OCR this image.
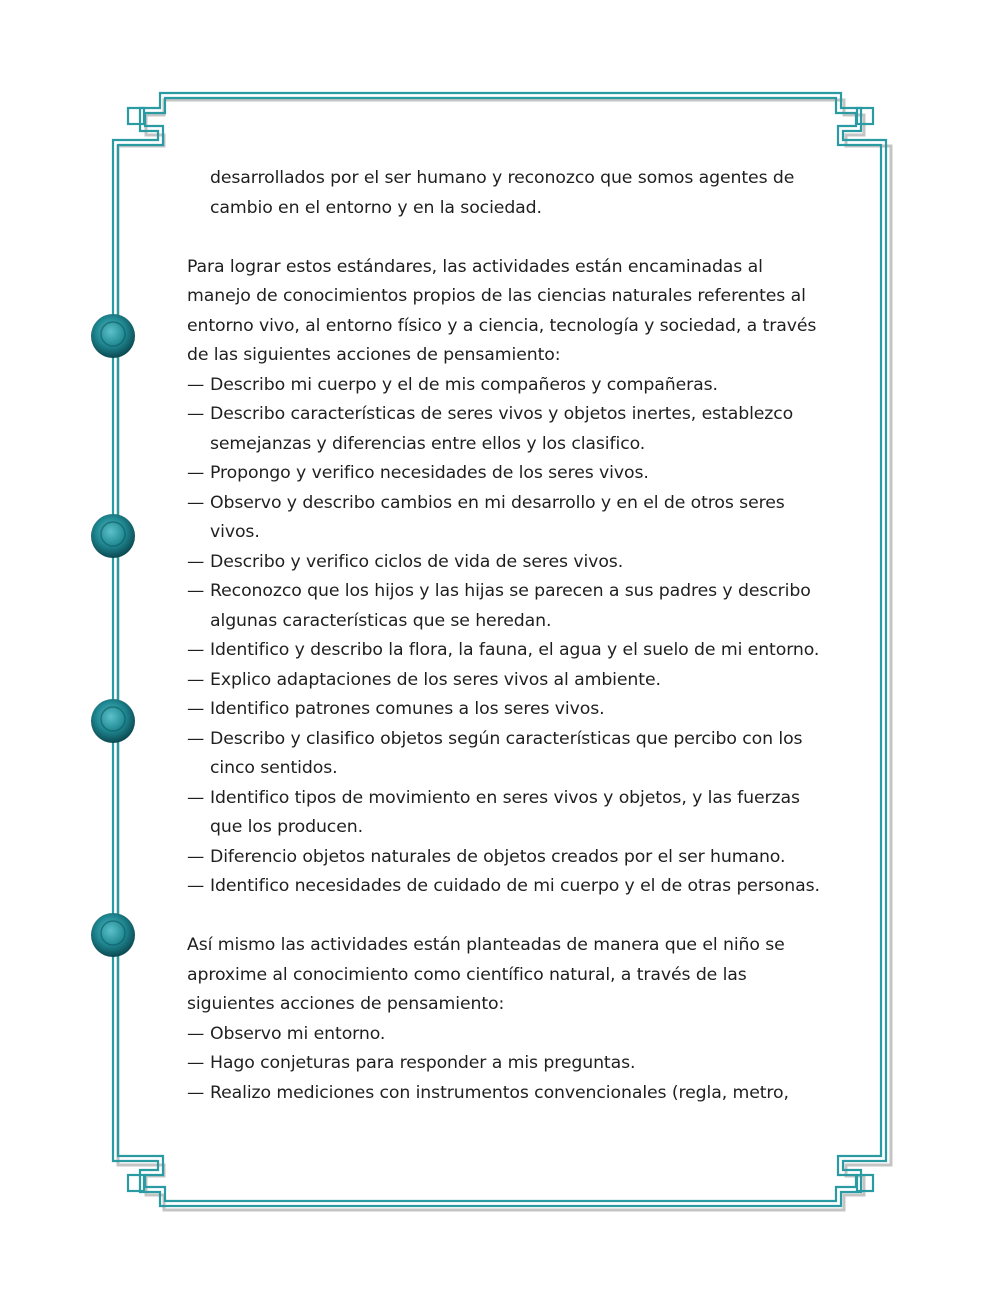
desarrollados por el ser humano y reconozco que somos agentes de cambio en el entorno y en la sociedad.

Para lograr estos estándares, las actividades están encaminadas al manejo de conocimientos propios de las ciencias naturales referentes al entorno vivo, al entorno físico y a ciencia, tecnología y sociedad, a través de las siguientes acciones de pensamiento:

— Describo mi cuerpo y el de mis compañeros y compañeras.
— Describo características de seres vivos y objetos inertes, establezco semejanzas y diferencias entre ellos y los clasifico.
— Propongo y verifico necesidades de los seres vivos.
— Observo y describo cambios en mi desarrollo y en el de otros seres vivos.
— Describo y verifico ciclos de vida de seres vivos.
— Reconozco que los hijos y las hijas se parecen a sus padres y describo algunas características que se heredan.
— Identifico y describo la flora, la fauna, el agua y el suelo de mi entorno.
— Explico adaptaciones de los seres vivos al ambiente.
— Identifico patrones comunes a los seres vivos.
— Describo y clasifico objetos según características que percibo con los cinco sentidos.
— Identifico tipos de movimiento en seres vivos y objetos, y las fuerzas que los producen.
— Diferencio objetos naturales de objetos creados por el ser humano.
— Identifico necesidades de cuidado de mi cuerpo y el de otras personas.

Así mismo las actividades están planteadas de manera que el niño se aproxime al conocimiento como científico natural, a través de las siguientes acciones de pensamiento:

— Observo mi entorno.
— Hago conjeturas para responder a mis preguntas.
— Realizo mediciones con instrumentos convencionales (regla, metro,
